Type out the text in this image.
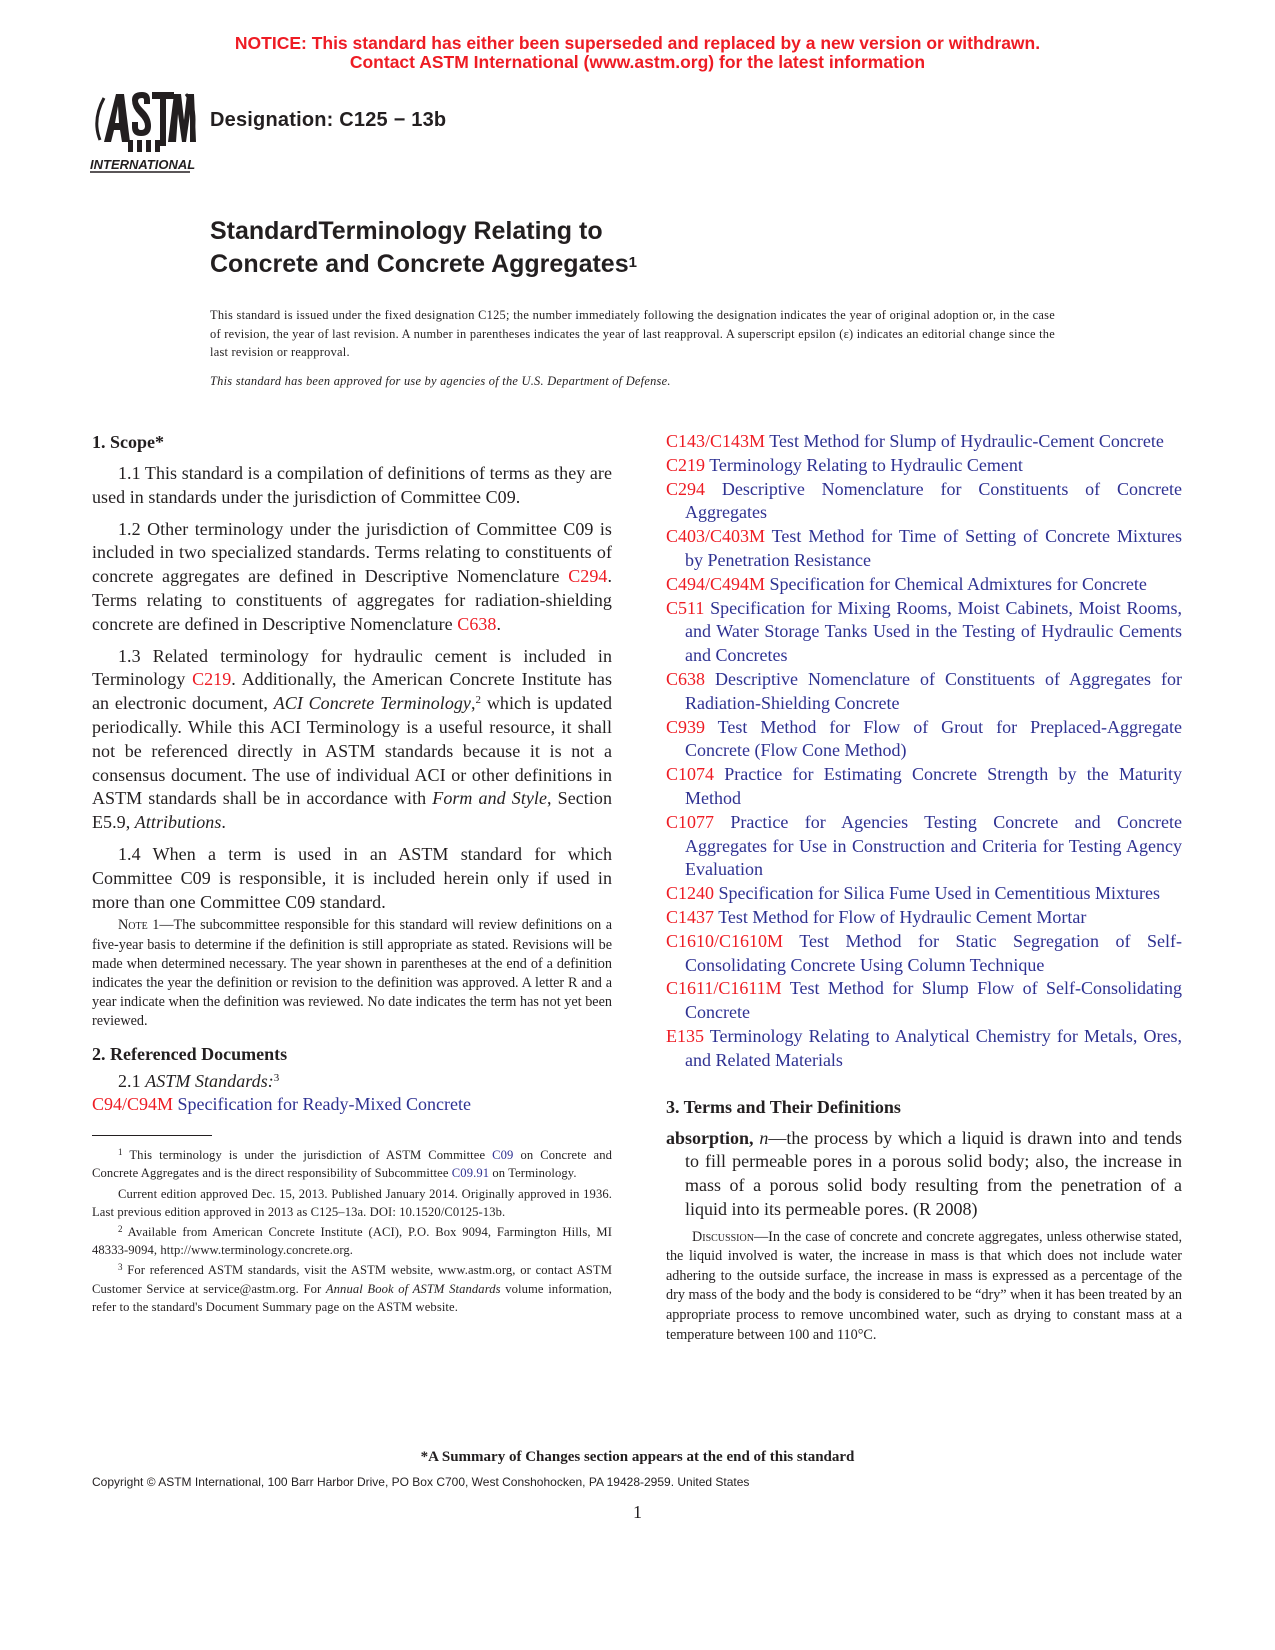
NOTICE: This standard has either been superseded and replaced by a new version or withdrawn.
Contact ASTM International (www.astm.org) for the latest information
INTERNATIONAL
Designation: C125 − 13b
StandardTerminology Relating to
Concrete and Concrete Aggregates$^1$
This standard is issued under the fixed designation C125; the number immediately following the designation indicates the year of original adoption or, in the case of revision, the year of last revision. A number in parentheses indicates the year of last reapproval. A superscript epsilon (ε) indicates an editorial change since the last revision or reapproval.
This standard has been approved for use by agencies of the U.S. Department of Defense.
1. Scope*

1.1 This standard is a compilation of definitions of terms as they are used in standards under the jurisdiction of Committee C09.

1.2 Other terminology under the jurisdiction of Committee C09 is included in two specialized standards. Terms relating to constituents of concrete aggregates are defined in Descriptive Nomenclature C294. Terms relating to constituents of aggregates for radiation-shielding concrete are defined in Descriptive Nomenclature C638.

1.3 Related terminology for hydraulic cement is included in Terminology C219. Additionally, the American Concrete Institute has an electronic document, ACI Concrete Terminology,$^2$ which is updated periodically. While this ACI Terminology is a useful resource, it shall not be referenced directly in ASTM standards because it is not a consensus document. The use of individual ACI or other definitions in ASTM standards shall be in accordance with Form and Style, Section E5.9, Attributions.

1.4 When a term is used in an ASTM standard for which Committee C09 is responsible, it is included herein only if used in more than one Committee C09 standard.

Note 1—The subcommittee responsible for this standard will review definitions on a five-year basis to determine if the definition is still appropriate as stated. Revisions will be made when determined necessary. The year shown in parentheses at the end of a definition indicates the year the definition or revision to the definition was approved. A letter R and a year indicate when the definition was reviewed. No date indicates the term has not yet been reviewed.

2. Referenced Documents

2.1 ASTM Standards:$^3$

C94/C94M Specification for Ready-Mixed Concrete

$^1$ This terminology is under the jurisdiction of ASTM Committee C09 on Concrete and Concrete Aggregates and is the direct responsibility of Subcommittee C09.91 on Terminology.

Current edition approved Dec. 15, 2013. Published January 2014. Originally approved in 1936. Last previous edition approved in 2013 as C125–13a. DOI: 10.1520/C0125-13b.

$^2$ Available from American Concrete Institute (ACI), P.O. Box 9094, Farmington Hills, MI 48333-9094, http://www.terminology.concrete.org.

$^3$ For referenced ASTM standards, visit the ASTM website, www.astm.org, or contact ASTM Customer Service at service@astm.org. For Annual Book of ASTM Standards volume information, refer to the standard's Document Summary page on the ASTM website.

C143/C143M Test Method for Slump of Hydraulic-Cement Concrete
C219 Terminology Relating to Hydraulic Cement
C294 Descriptive Nomenclature for Constituents of Concrete Aggregates
C403/C403M Test Method for Time of Setting of Concrete Mixtures by Penetration Resistance
C494/C494M Specification for Chemical Admixtures for Concrete
C511 Specification for Mixing Rooms, Moist Cabinets, Moist Rooms, and Water Storage Tanks Used in the Testing of Hydraulic Cements and Concretes
C638 Descriptive Nomenclature of Constituents of Aggregates for Radiation-Shielding Concrete
C939 Test Method for Flow of Grout for Preplaced-Aggregate Concrete (Flow Cone Method)
C1074 Practice for Estimating Concrete Strength by the Maturity Method
C1077 Practice for Agencies Testing Concrete and Concrete Aggregates for Use in Construction and Criteria for Testing Agency Evaluation
C1240 Specification for Silica Fume Used in Cementitious Mixtures
C1437 Test Method for Flow of Hydraulic Cement Mortar
C1610/C1610M Test Method for Static Segregation of Self-Consolidating Concrete Using Column Technique
C1611/C1611M Test Method for Slump Flow of Self-Consolidating Concrete
E135 Terminology Relating to Analytical Chemistry for Metals, Ores, and Related Materials
3. Terms and Their Definitions

absorption, n—the process by which a liquid is drawn into and tends to fill permeable pores in a porous solid body; also, the increase in mass of a porous solid body resulting from the penetration of a liquid into its permeable pores. (R 2008)

Discussion—In the case of concrete and concrete aggregates, unless otherwise stated, the liquid involved is water, the increase in mass is that which does not include water adhering to the outside surface, the increase in mass is expressed as a percentage of the dry mass of the body and the body is considered to be “dry” when it has been treated by an appropriate process to remove uncombined water, such as drying to constant mass at a temperature between 100 and 110°C.

*A Summary of Changes section appears at the end of this standard
Copyright © ASTM International, 100 Barr Harbor Drive, PO Box C700, West Conshohocken, PA 19428-2959. United States
1
